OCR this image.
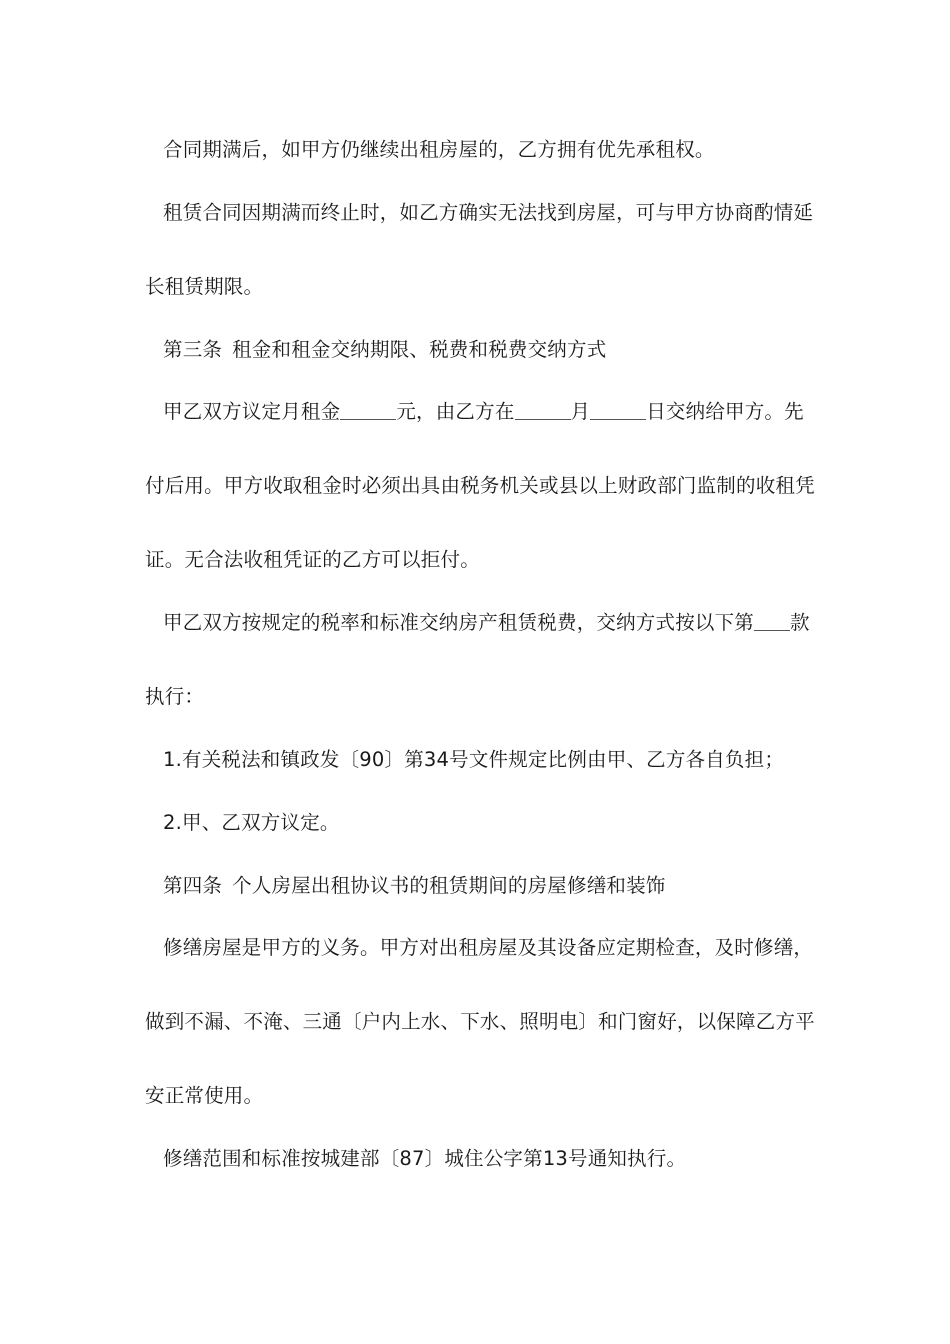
合同期满后，如甲方仍继续出租房屋的，乙方拥有优先承租权。
租赁合同因期满而终止时，如乙方确实无法找到房屋，可与甲方协商酌情延
长租赁期限。
第三条 租金和租金交纳期限、税费和税费交纳方式
甲乙双方议定月租金	元，由乙方在	月	日交纳给甲方。先
付后用。甲方收取租金时必须出具由税务机关或县以上财政部门监制的收租凭
证。无合法收租凭证的乙方可以拒付。
甲乙双方按规定的税率和标准交纳房产租赁税费，交纳方式按以下第 款
执行：
1.有关税法和镇政发〔90〕第34号文件规定比例由甲、乙方各自负担；
2.甲、乙双方议定。
第四条 个人房屋出租协议书的租赁期间的房屋修缮和装饰
修缮房屋是甲方的义务。甲方对出租房屋及其设备应定期检查，及时修缮，
做到不漏、不淹、三通〔户内上水、下水、照明电〕和门窗好，以保障乙方平
安正常使用。
修缮范围和标准按城建部〔87〕城住公字第13号通知执行。
